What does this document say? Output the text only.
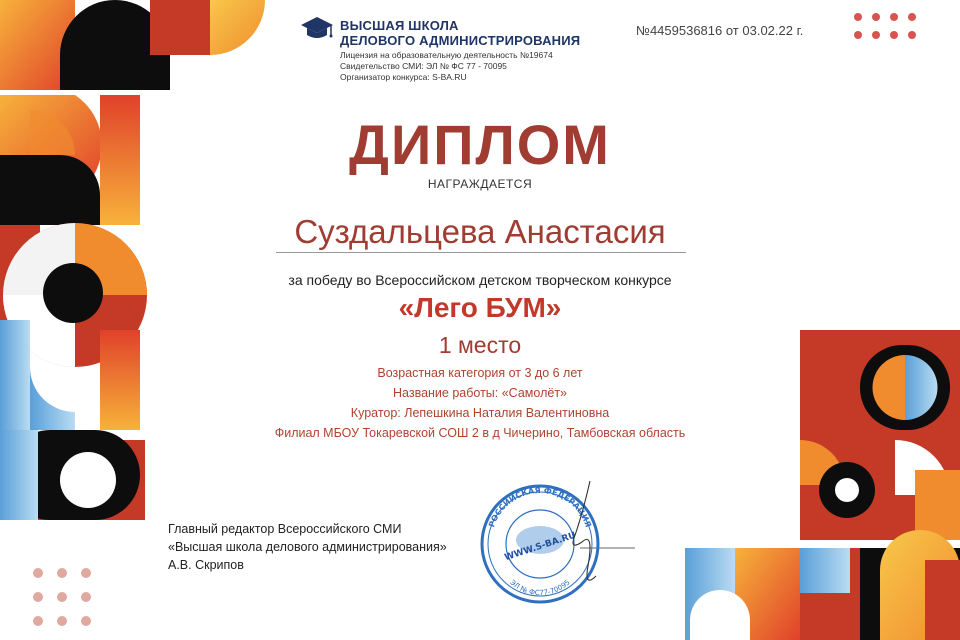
ВЫСШАЯ ШКОЛА
ДЕЛОВОГО АДМИНИСТРИРОВАНИЯ
Лицензия на образовательную деятельность №19674
Свидетельство СМИ: ЭЛ № ФС 77 - 70095
Организатор конкурса: S-BA.RU
№4459536816 от 03.02.22 г.
ДИПЛОМ
НАГРАЖДАЕТСЯ
Суздальцева Анастасия
за победу во Всероссийском детском творческом конкурсе
«Лего БУМ»
1 место
Возрастная категория от 3 до 6 лет
Название работы: «Самолёт»
Куратор: Лепешкина Наталия Валентиновна
Филиал МБОУ Токаревской СОШ 2 в д Чичерино, Тамбовская область
Главный редактор Всероссийского СМИ
«Высшая школа делового администрирования»
А.В. Скрипов
РОССИЙСКАЯ ФЕДЕРАЦИЯ
ЭЛ № ФС77-70095
WWW.S-BA.RU
